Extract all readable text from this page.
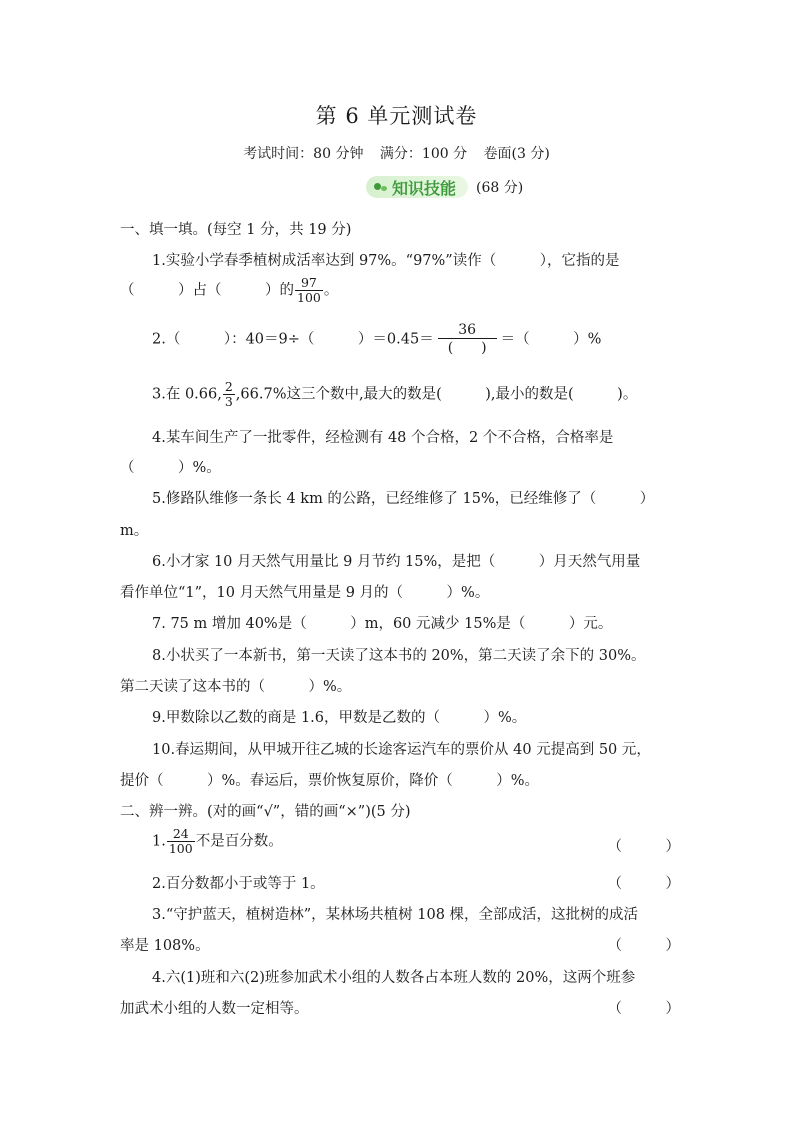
第 6 单元测试卷
考试时间：80 分钟 满分：100 分 卷面(3 分)
知识技能 (68 分)
一、填一填。(每空 1 分，共 19 分)
1.实验小学春季植树成活率达到 97%。“97%”读作（　　　），它指的是
（　　　）占（　　　）的 $\frac{97}{100}$ 。
2.（　　　）：40＝9÷（　　　）$=0.45= \frac{36}{( )}$ ＝（　　　）%
3.在 0.66, $\frac{2}{3} ,66.7\%$这三个数中,最大的数是(　　　),最小的数是(　　　)。
4.某车间生产了一批零件，经检测有 48 个合格，2 个不合格，合格率是
（　　　）%。
5.修路队维修一条长 4 km 的公路，已经维修了 15%，已经维修了（　　　）
m。
6.小才家 10 月天然气用量比 9 月节约 15%，是把（　　　）月天然气用量
看作单位“1”，10 月天然气用量是 9 月的（　　　）%。
7. 75 m 增加 40%是（　　　）m，60 元减少 15%是（　　　）元。
8.小状买了一本新书，第一天读了这本书的 20%，第二天读了余下的 30%。
第二天读了这本书的（　　　）%。
9.甲数除以乙数的商是 1.6，甲数是乙数的（　　　）%。
10.春运期间，从甲城开往乙城的长途客运汽车的票价从 40 元提高到 50 元，
提价（　　　）%。春运后，票价恢复原价，降价（　　　）%。
二、辨一辨。(对的画“√”，错的画“×”)(5 分)
1. $\frac{24}{100}$ 不是百分数。	（　　　）
2.百分数都小于或等于 1。	（　　　）
3.“守护蓝天，植树造林”，某林场共植树 108 棵，全部成活，这批树的成活
率是 108%。	（　　　）
4.六(1)班和六(2)班参加武术小组的人数各占本班人数的 20%，这两个班参
加武术小组的人数一定相等。	（　　　）
